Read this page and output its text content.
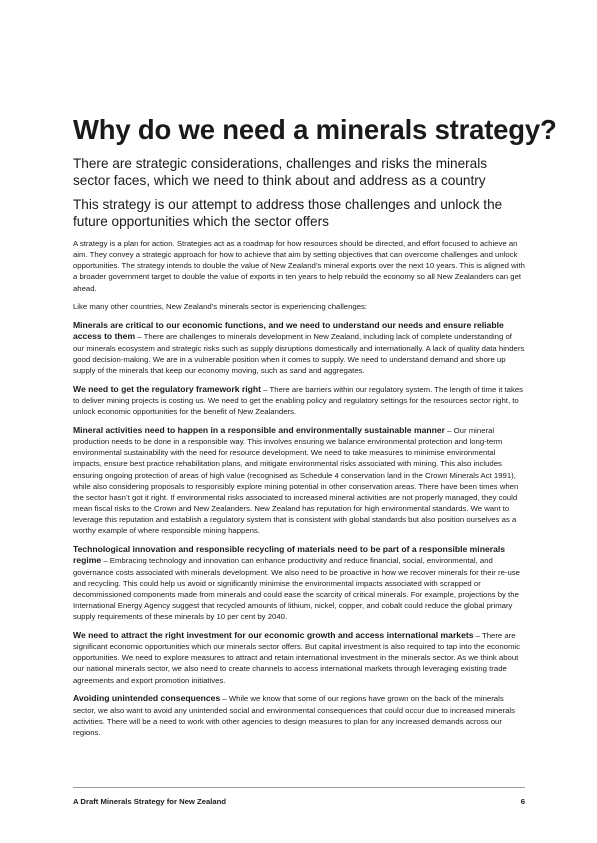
Why do we need a minerals strategy?

There are strategic considerations, challenges and risks the minerals sector faces, which we need to think about and address as a country

This strategy is our attempt to address those challenges and unlock the future opportunities which the sector offers

A strategy is a plan for action. Strategies act as a roadmap for how resources should be directed, and effort focused to achieve an aim. They convey a strategic approach for how to achieve that aim by setting objectives that can overcome challenges and unlock opportunities. The strategy intends to double the value of New Zealand’s mineral exports over the next 10 years. This is aligned with a broader government target to double the value of exports in ten years to help rebuild the economy so all New Zealanders can get ahead.

Like many other countries, New Zealand’s minerals sector is experiencing challenges:

Minerals are critical to our economic functions, and we need to understand our needs and ensure reliable access to them – There are challenges to minerals development in New Zealand, including lack of complete understanding of our minerals ecosystem and strategic risks such as supply disruptions domestically and internationally. A lack of quality data hinders good decision-making. We are in a vulnerable position when it comes to supply. We need to understand demand and shore up supply of the minerals that keep our economy moving, such as sand and aggregates.

We need to get the regulatory framework right – There are barriers within our regulatory system. The length of time it takes to deliver mining projects is costing us. We need to get the enabling policy and regulatory settings for the resources sector right, to unlock economic opportunities for the benefit of New Zealanders.

Mineral activities need to happen in a responsible and environmentally sustainable manner – Our mineral production needs to be done in a responsible way. This involves ensuring we balance environmental protection and long-term environmental sustainability with the need for resource development. We need to take measures to minimise environmental impacts, ensure best practice rehabilitation plans, and mitigate environmental risks associated with mining. This also includes ensuring ongoing protection of areas of high value (recognised as Schedule 4 conservation land in the Crown Minerals Act 1991), while also considering proposals to responsibly explore mining potential in other conservation areas. There have been times when the sector hasn’t got it right. If environmental risks associated to increased mineral activities are not properly managed, they could mean fiscal risks to the Crown and New Zealanders. New Zealand has reputation for high environmental standards. We want to leverage this reputation and establish a regulatory system that is consistent with global standards but also position ourselves as a worthy example of where responsible mining happens.

Technological innovation and responsible recycling of materials need to be part of a responsible minerals regime – Embracing technology and innovation can enhance productivity and reduce financial, social, environmental, and governance costs associated with minerals development. We also need to be proactive in how we recover minerals for their re-use and recycling. This could help us avoid or significantly minimise the environmental impacts associated with scrapped or decommissioned components made from minerals and could ease the scarcity of critical minerals. For example, projections by the International Energy Agency suggest that recycled amounts of lithium, nickel, copper, and cobalt could reduce the global primary supply requirements of these minerals by 10 per cent by 2040.

We need to attract the right investment for our economic growth and access international markets – There are significant economic opportunities which our minerals sector offers. But capital investment is also required to tap into the economic opportunities. We need to explore measures to attract and retain international investment in the minerals sector. As we think about our national minerals sector, we also need to create channels to access international markets through leveraging existing trade agreements and export promotion initiatives.

Avoiding unintended consequences – While we know that some of our regions have grown on the back of the minerals sector, we also want to avoid any unintended social and environmental consequences that could occur due to increased minerals activities. There will be a need to work with other agencies to design measures to plan for any increased demands across our regions.

A Draft Minerals Strategy for New Zealand	6
